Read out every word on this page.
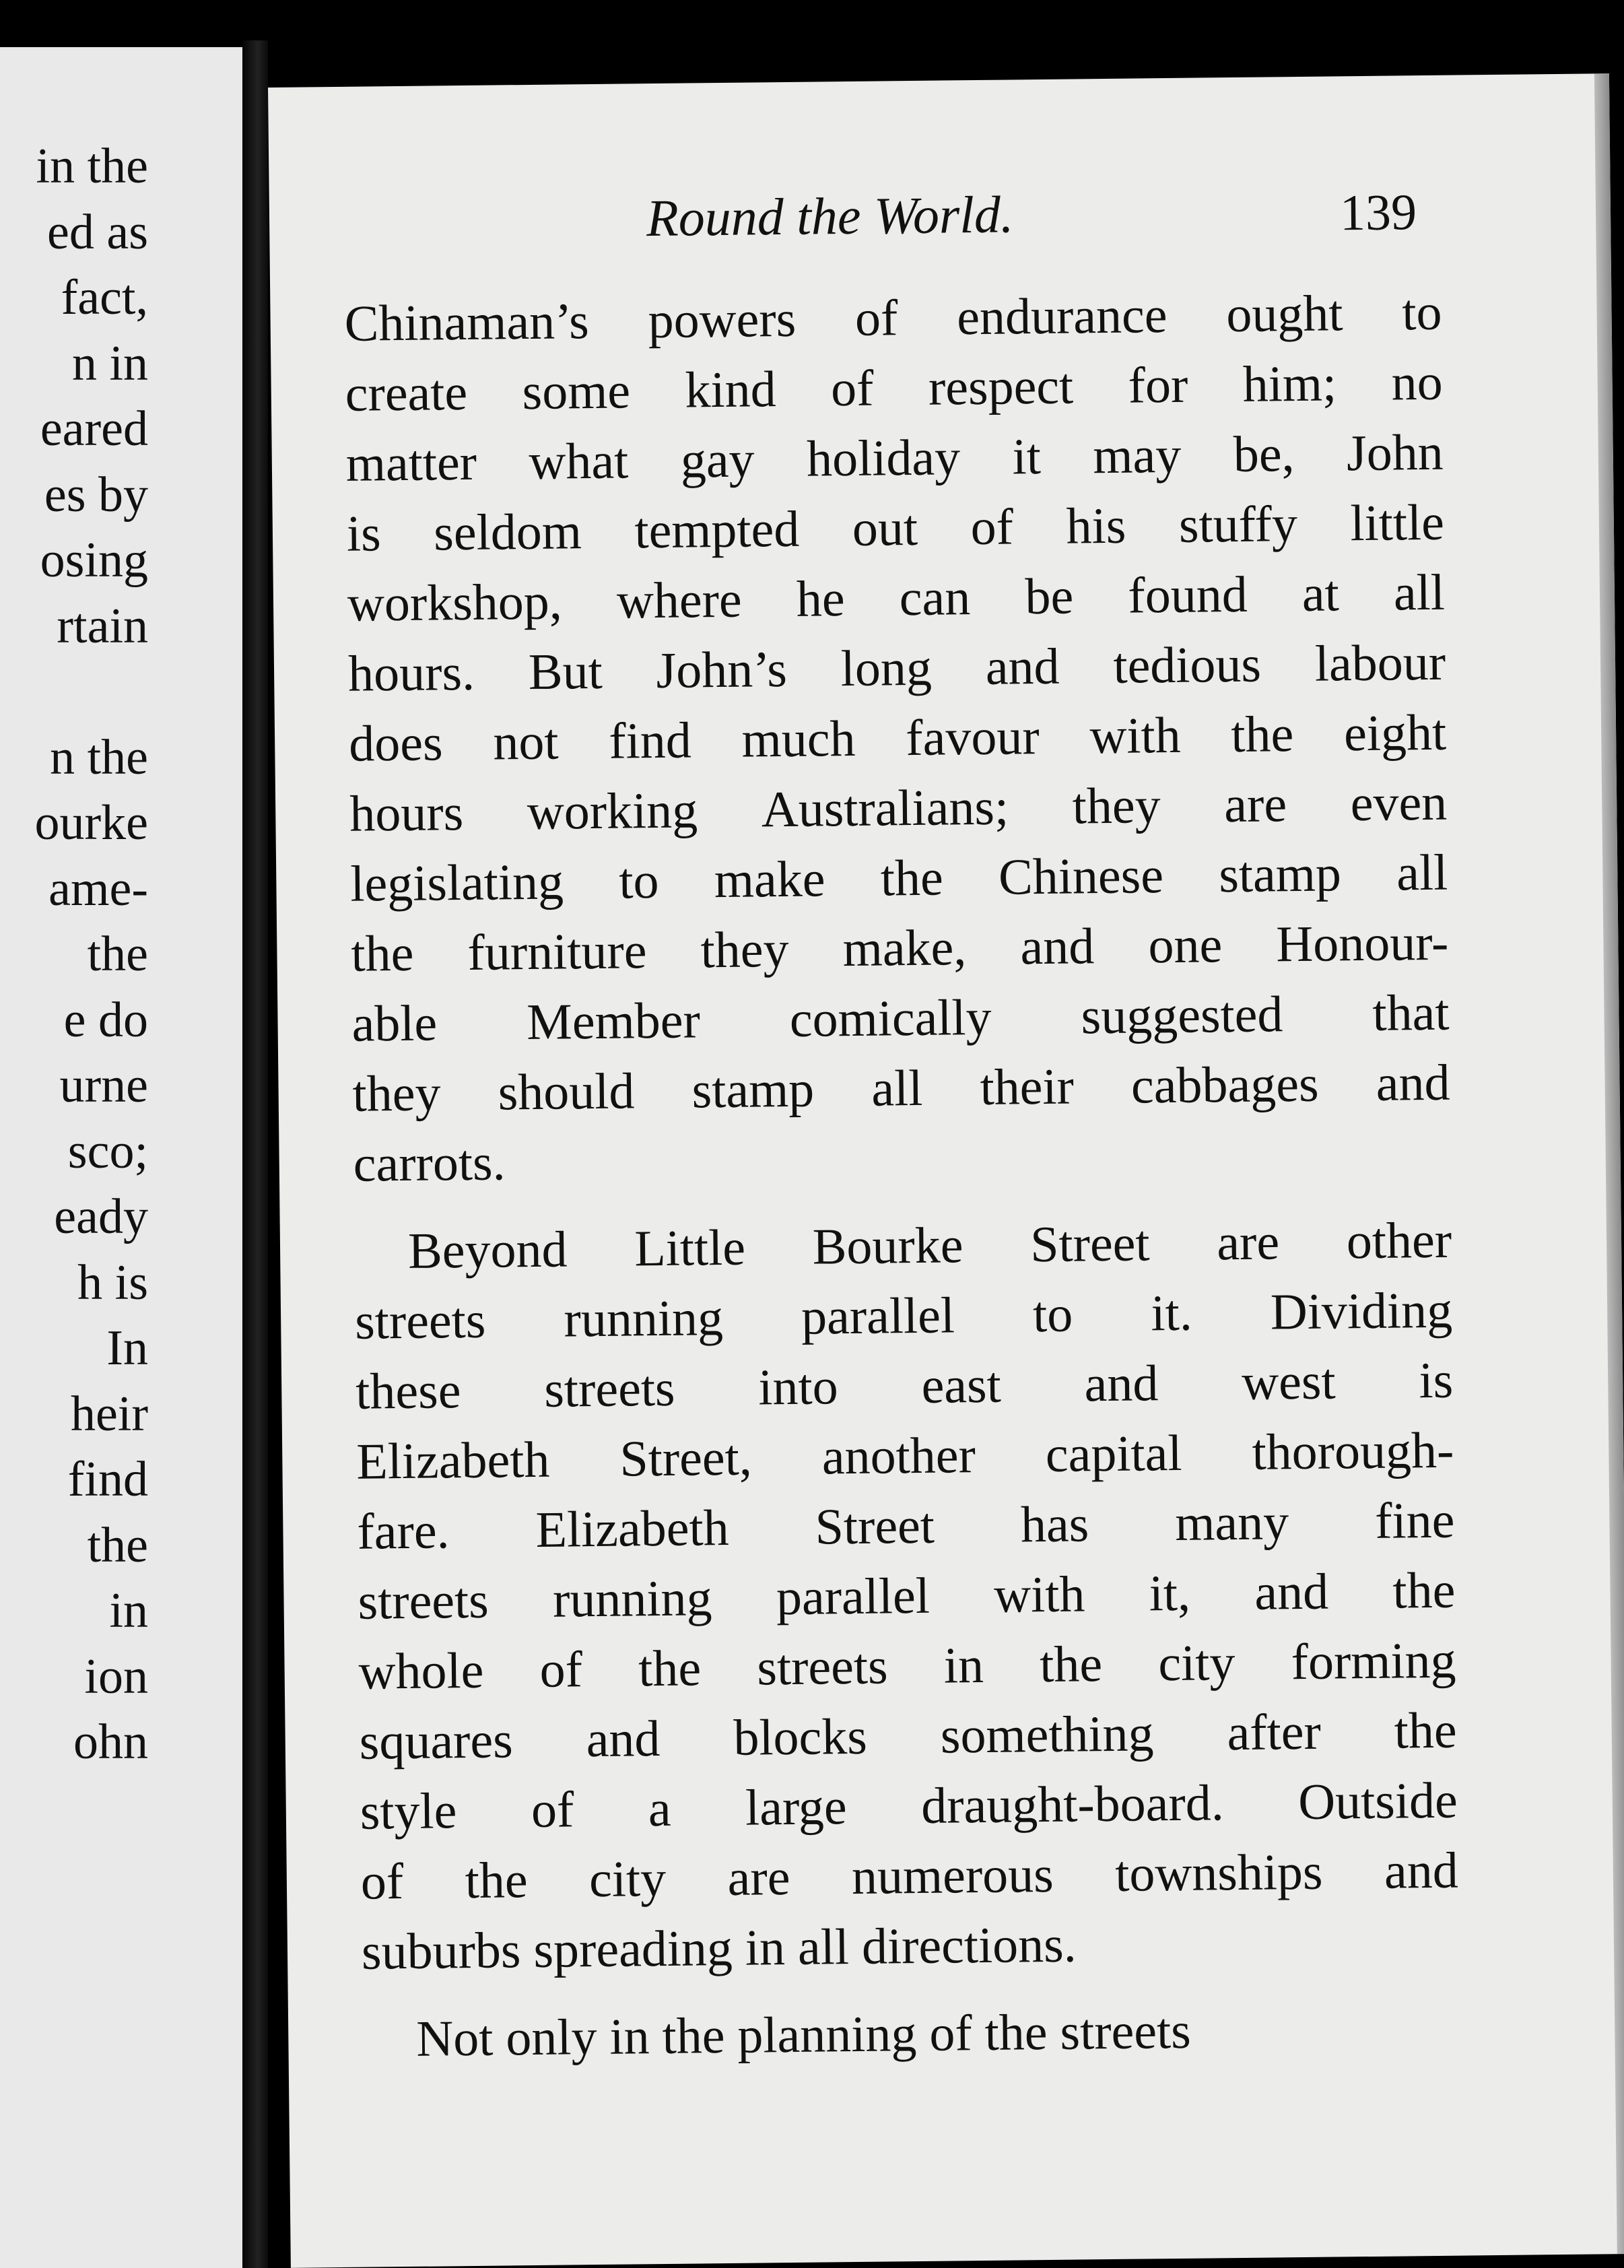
in the
ed as
fact,
n in
eared
es by
osing
rtain
n the
ourke
ame-
the
e do
urne
sco;
eady
h is
In
heir
find
the
in
ion
ohn
Round the World.	139
Chinaman’s powers of endurance ought to
create some kind of respect for him; no
matter what gay holiday it may be, John
is seldom tempted out of his stuffy little
workshop, where he can be found at all
hours. But John’s long and tedious labour
does not find much favour with the eight
hours working Australians; they are even
legislating to make the Chinese stamp all
the furniture they make, and one Honour-
able Member comically suggested that
they should stamp all their cabbages and
carrots.
Beyond Little Bourke Street are other
streets running parallel to it. Dividing
these streets into east and west is
Elizabeth Street, another capital thorough-
fare. Elizabeth Street has many fine
streets running parallel with it, and the
whole of the streets in the city forming
squares and blocks something after the
style of a large draught-board. Outside
of the city are numerous townships and
suburbs spreading in all directions.
Not only in the planning of the streets
